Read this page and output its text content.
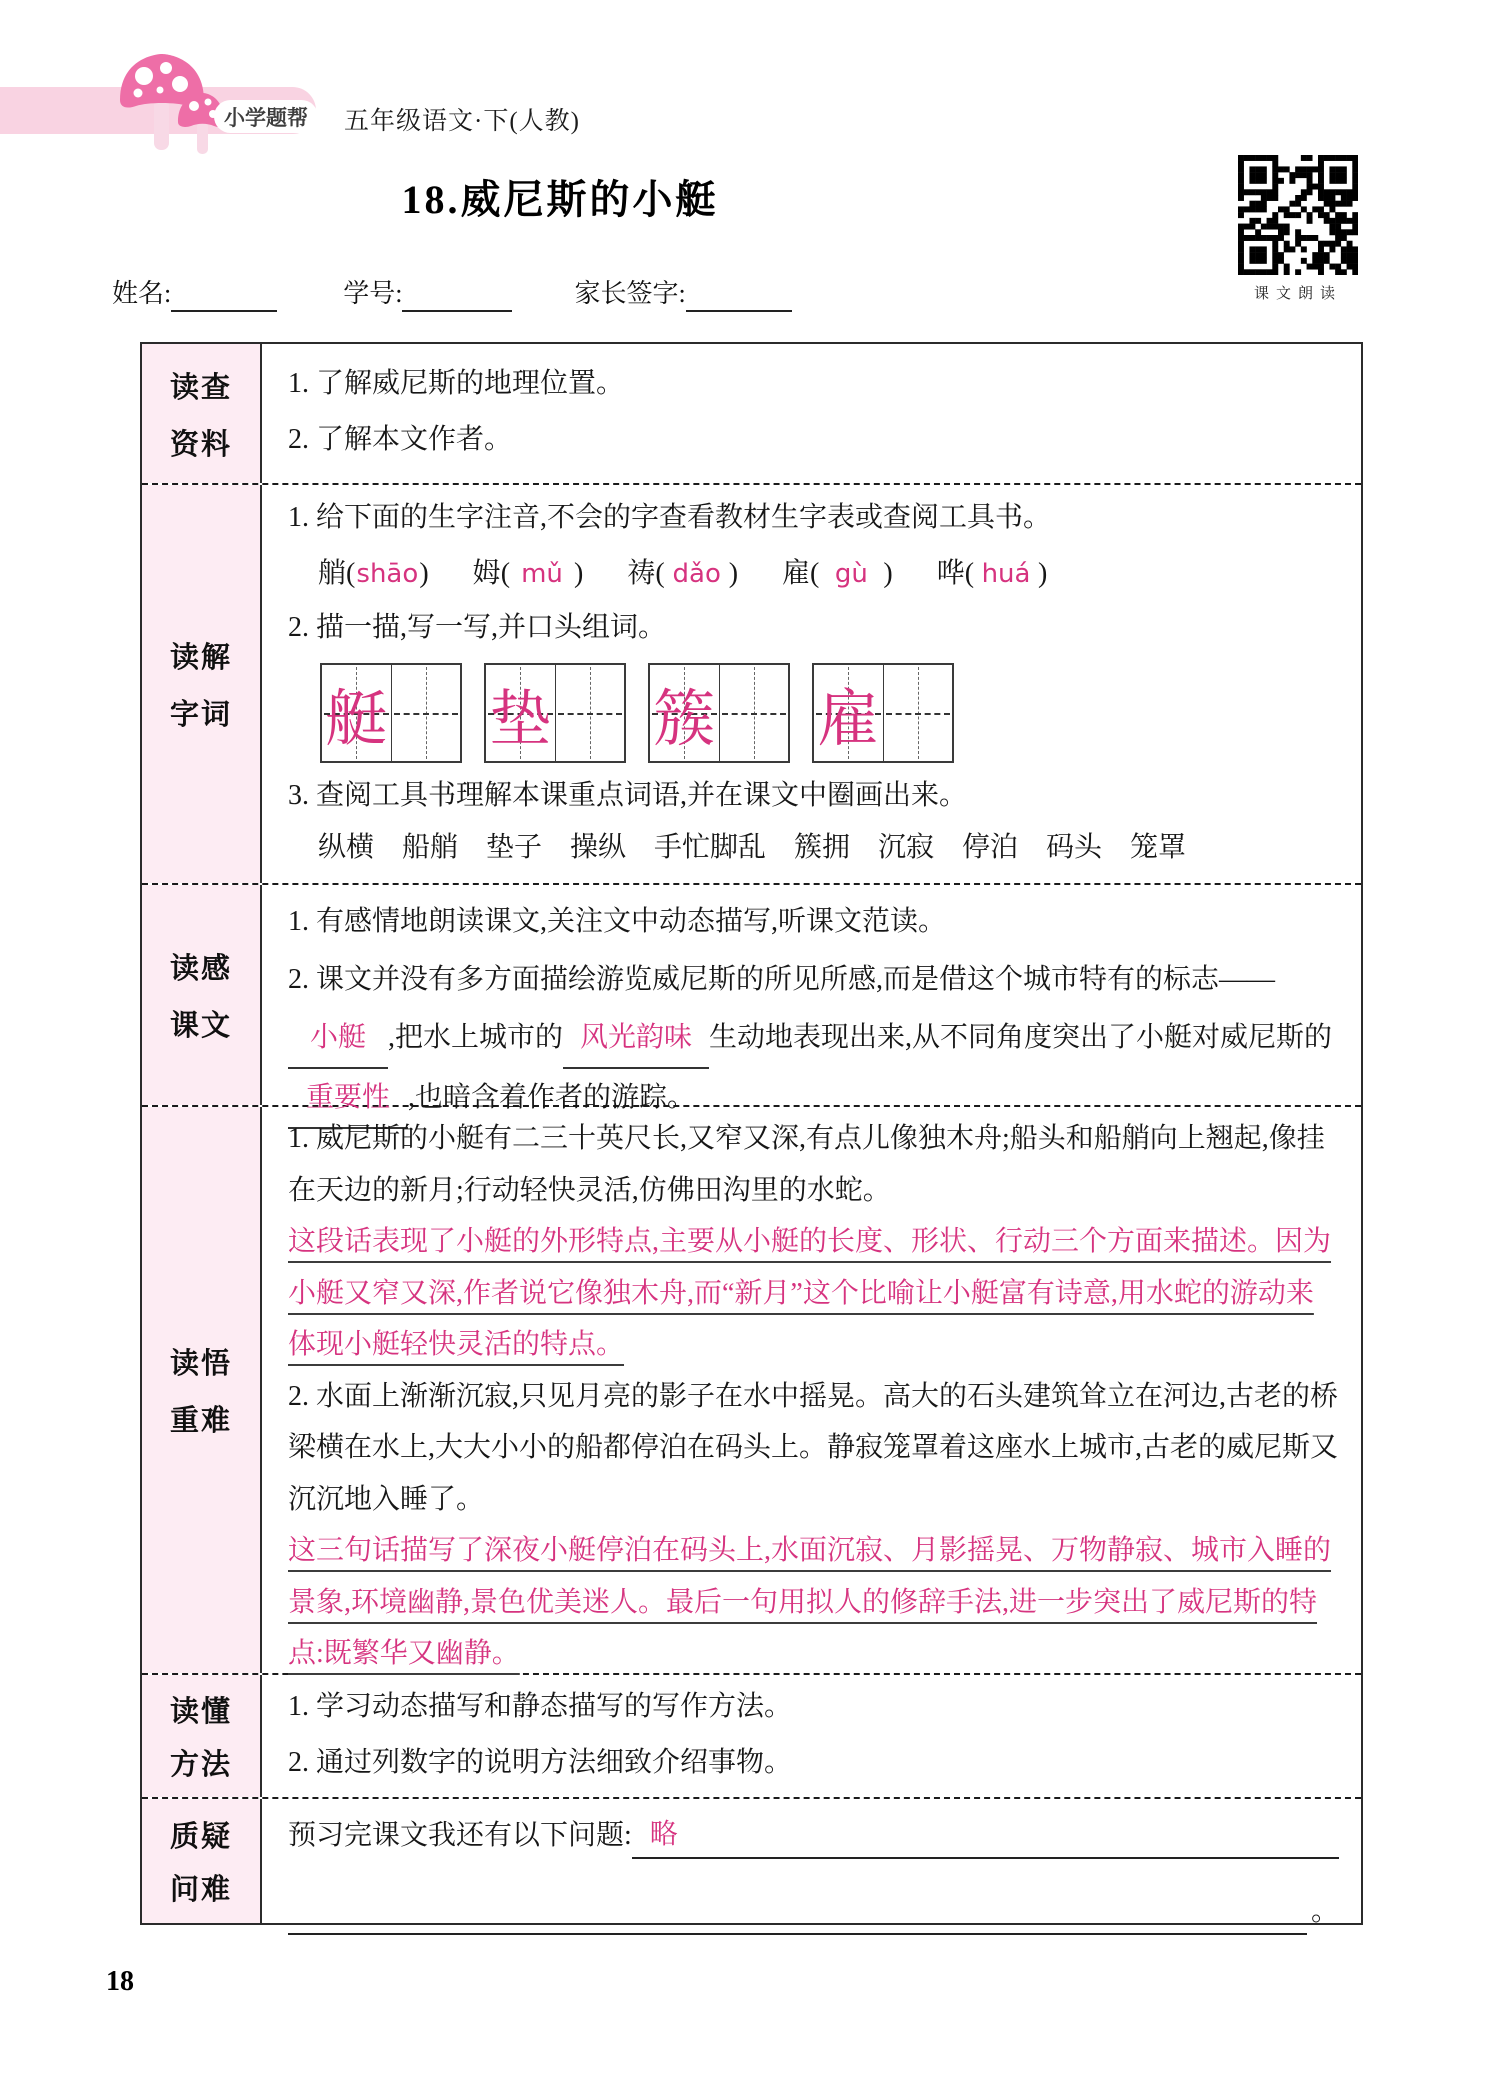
小学题帮 五年级语文·下(人教)
18.威尼斯的小艇
课文朗读
姓名:	学号:	家长签字:
读查
资料

1. 了解威尼斯的地理位置。

2. 了解本文作者。

读解
字词

1. 给下面的生字注音,不会的字查看教材生字表或查阅工具书。

艄(shāo) 姆( mǔ ) 祷( dǎo ) 雇( gù ) 哗( huá )

2. 描一描,写一写,并口头组词。

艇 垫 簇 雇

3. 查阅工具书理解本课重点词语,并在课文中圈画出来。

纵横　船艄　垫子　操纵　手忙脚乱　簇拥　沉寂　停泊　码头　笼罩

读感
课文

1. 有感情地朗读课文,关注文中动态描写,听课文范读。

2. 课文并没有多方面描绘游览威尼斯的所见所感,而是借这个城市特有的标志——小艇 ,把水上城市的 风光韵味 生动地表现出来,从不同角度突出了小艇对威尼斯的重要性 ,也暗含着作者的游踪。

读悟
重难

1. 威尼斯的小艇有二三十英尺长,又窄又深,有点儿像独木舟;船头和船艄向上翘起,像挂在天边的新月;行动轻快灵活,仿佛田沟里的水蛇。

这段话表现了小艇的外形特点,主要从小艇的长度、形状、行动三个方面来描述。因为小艇又窄又深,作者说它像独木舟,而“新月”这个比喻让小艇富有诗意,用水蛇的游动来体现小艇轻快灵活的特点。

2. 水面上渐渐沉寂,只见月亮的影子在水中摇晃。高大的石头建筑耸立在河边,古老的桥梁横在水上,大大小小的船都停泊在码头上。静寂笼罩着这座水上城市,古老的威尼斯又沉沉地入睡了。

这三句话描写了深夜小艇停泊在码头上,水面沉寂、月影摇晃、万物静寂、城市入睡的景象,环境幽静,景色优美迷人。最后一句用拟人的修辞手法,进一步突出了威尼斯的特点:既繁华又幽静。

读懂
方法

1. 学习动态描写和静态描写的写作方法。

2. 通过列数字的说明方法细致介绍事物。

质疑
问难
预习完课文我还有以下问题: 略
。
18
